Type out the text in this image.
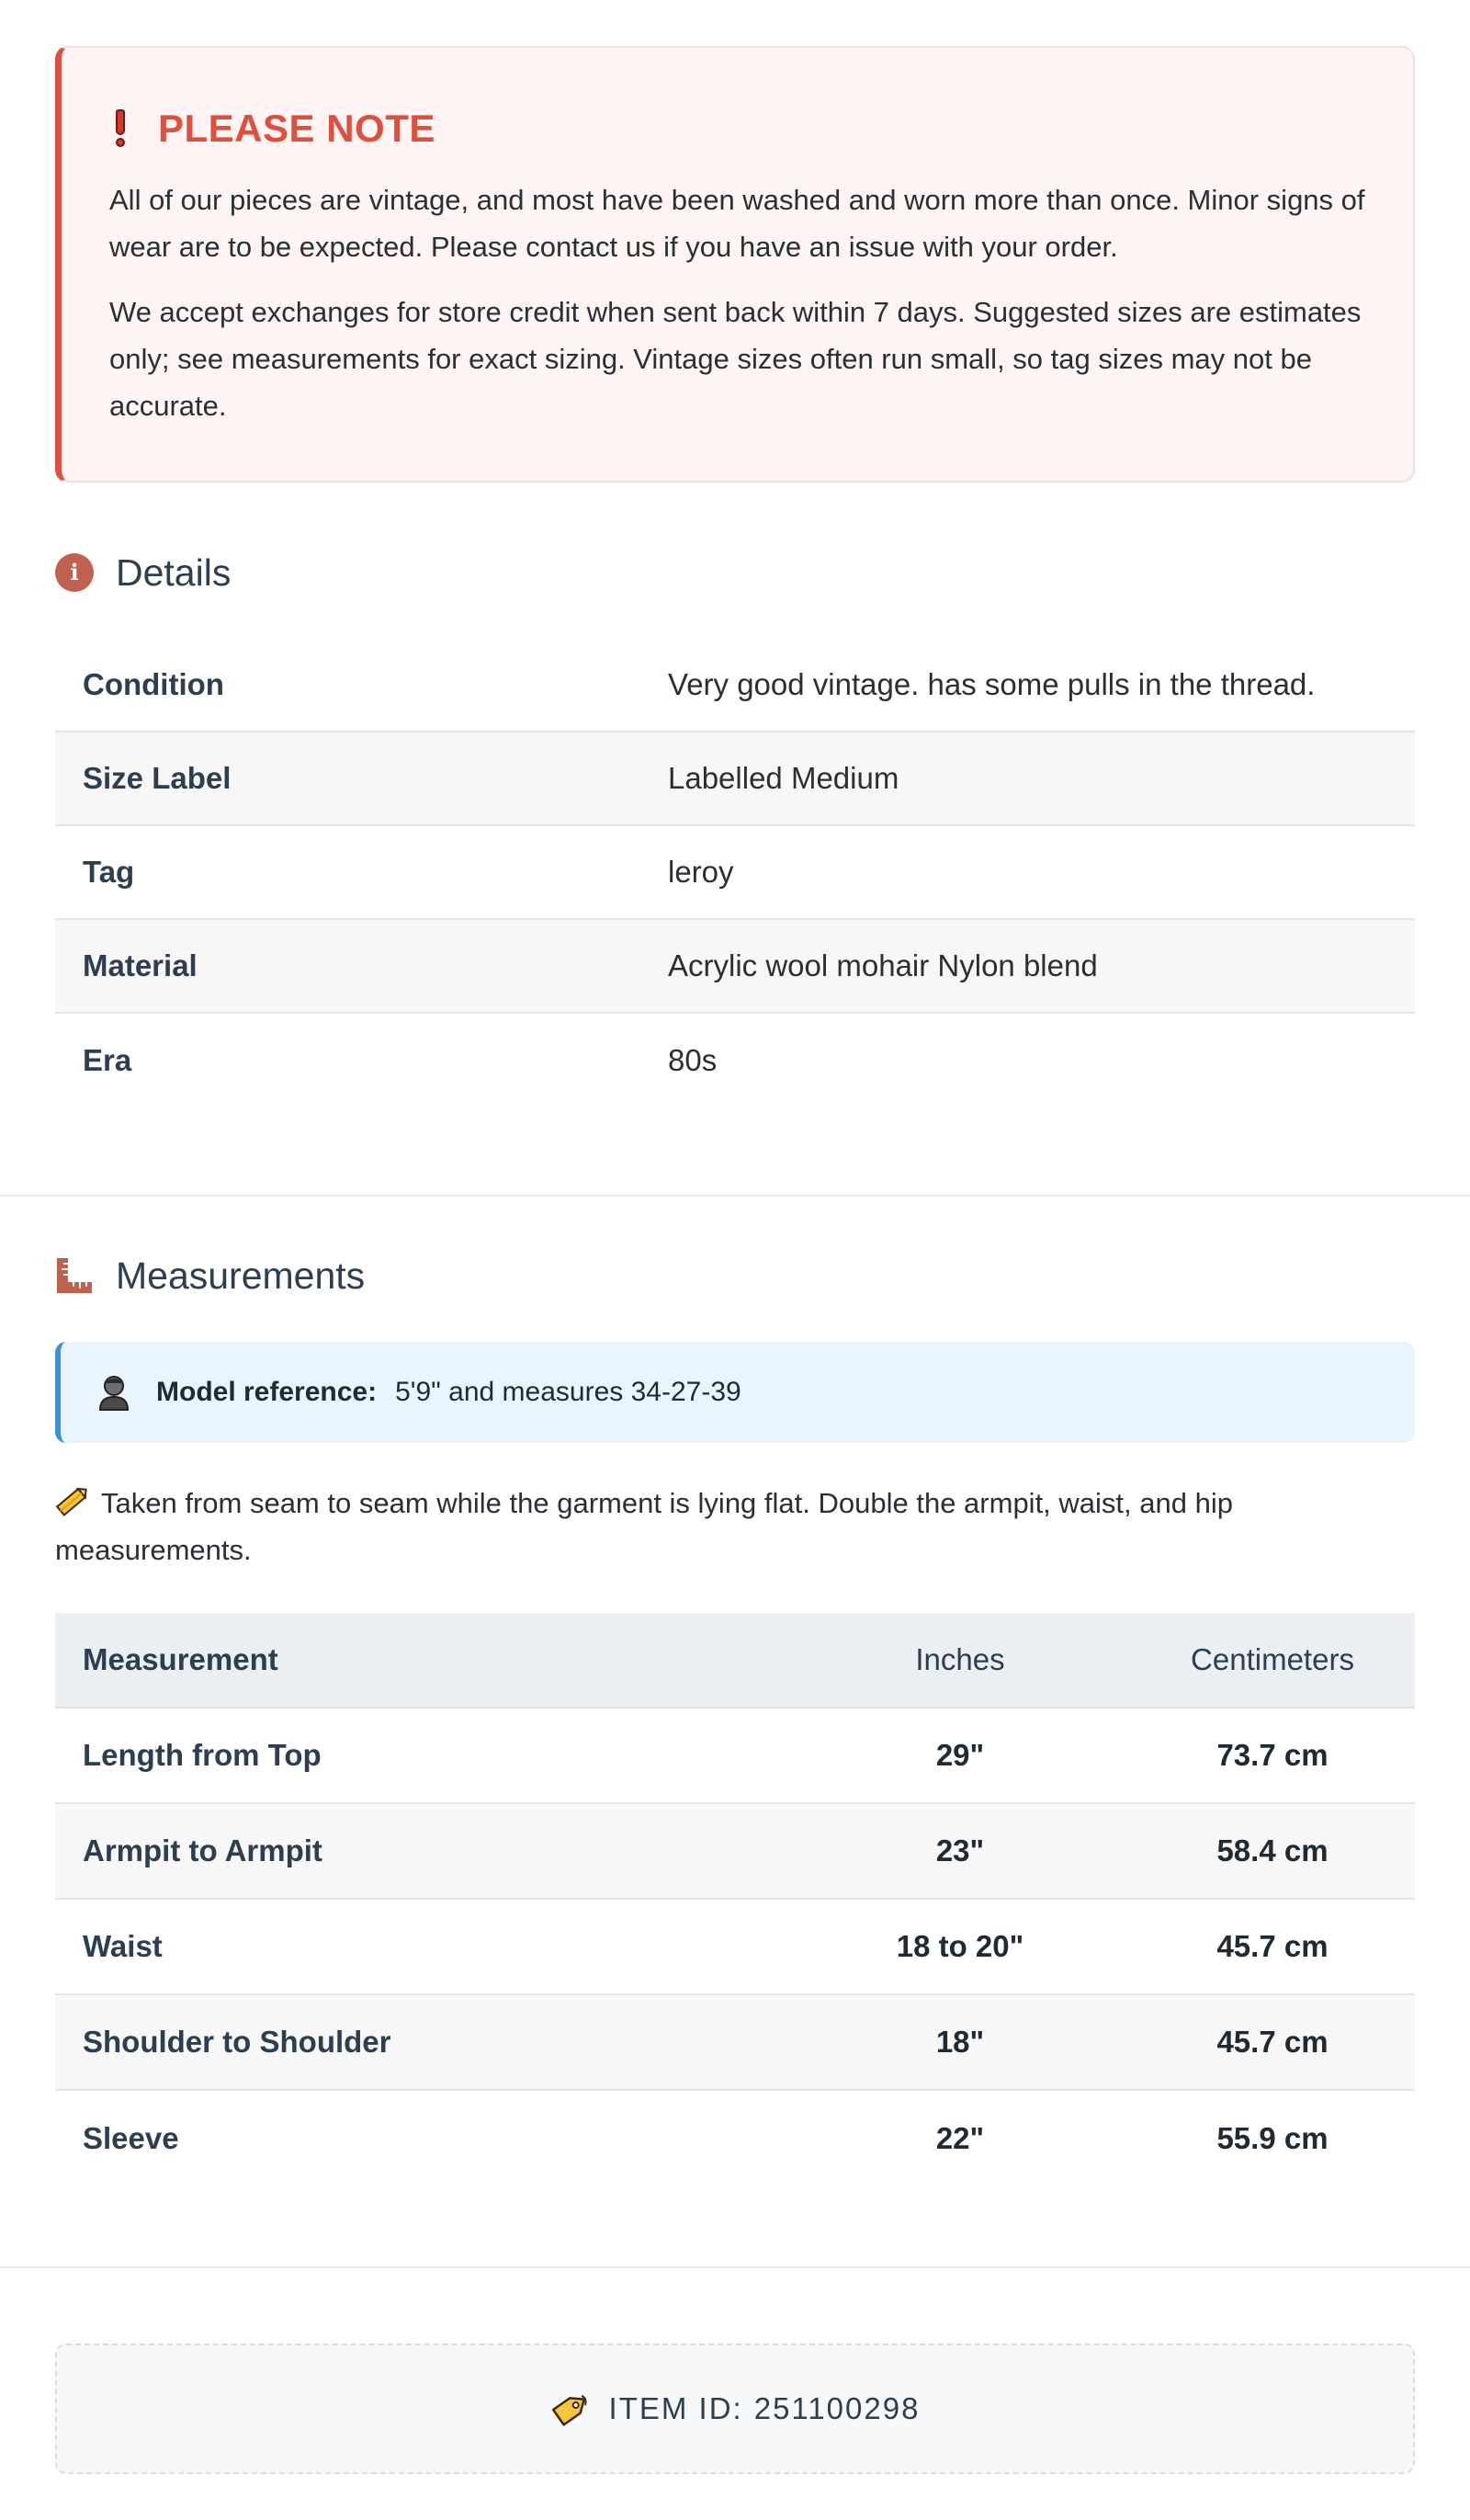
PLEASE NOTE

All of our pieces are vintage, and most have been washed and worn more than once. Minor signs of wear are to be expected. Please contact us if you have an issue with your order.

We accept exchanges for store credit when sent back within 7 days. Suggested sizes are estimates only; see measurements for exact sizing. Vintage sizes often run small, so tag sizes may not be accurate.

i Details
Condition	Very good vintage. has some pulls in the thread.
Size Label	Labelled Medium
Tag	leroy
Material	Acrylic wool mohair Nylon blend
Era	80s
Measurements
Model reference: 5'9" and measures 34-27-39
Taken from seam to seam while the garment is lying flat. Double the armpit, waist, and hip measurements.
Measurement	Inches	Centimeters
Length from Top	29"	73.7 cm
Armpit to Armpit	23"	58.4 cm
Waist	18 to 20"	45.7 cm
Shoulder to Shoulder	18"	45.7 cm
Sleeve	22"	55.9 cm
ITEM ID: 251100298
